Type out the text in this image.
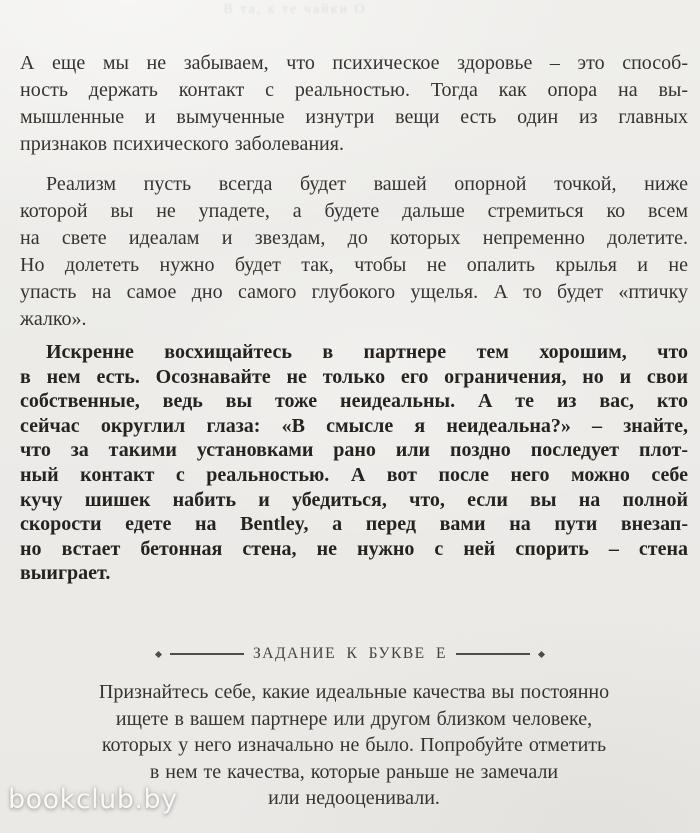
В та, к те чайки О
А еще мы не забываем, что психическое здоровье – это способ-
ность держать контакт с реальностью. Тогда как опора на вы-
мышленные и вымученные изнутри вещи есть один из главных
признаков психического заболевания.
Реализм пусть всегда будет вашей опорной точкой, ниже
которой вы не упадете, а будете дальше стремиться ко всем
на свете идеалам и звездам, до которых непременно долетите.
Но долететь нужно будет так, чтобы не опалить крылья и не
упасть на самое дно самого глубокого ущелья. А то будет «птичку
жалко».
Искренне восхищайтесь в партнере тем хорошим, что
в нем есть. Осознавайте не только его ограничения, но и свои
собственные, ведь вы тоже неидеальны. А те из вас, кто
сейчас округлил глаза: «В смысле я неидеальна?» – знайте,
что за такими установками рано или поздно последует плот-
ный контакт с реальностью. А вот после него можно себе
кучу шишек набить и убедиться, что, если вы на полной
скорости едете на Bentley, а перед вами на пути внезап-
но встает бетонная стена, не нужно с ней спорить – стена
выиграет.
ЗАДАНИЕ К БУКВЕ Е
Признайтесь себе, какие идеальные качества вы постоянно
ищете в вашем партнере или другом близком человеке,
которых у него изначально не было. Попробуйте отметить
в нем те качества, которые раньше не замечали
или недооценивали.
bookclub.by
